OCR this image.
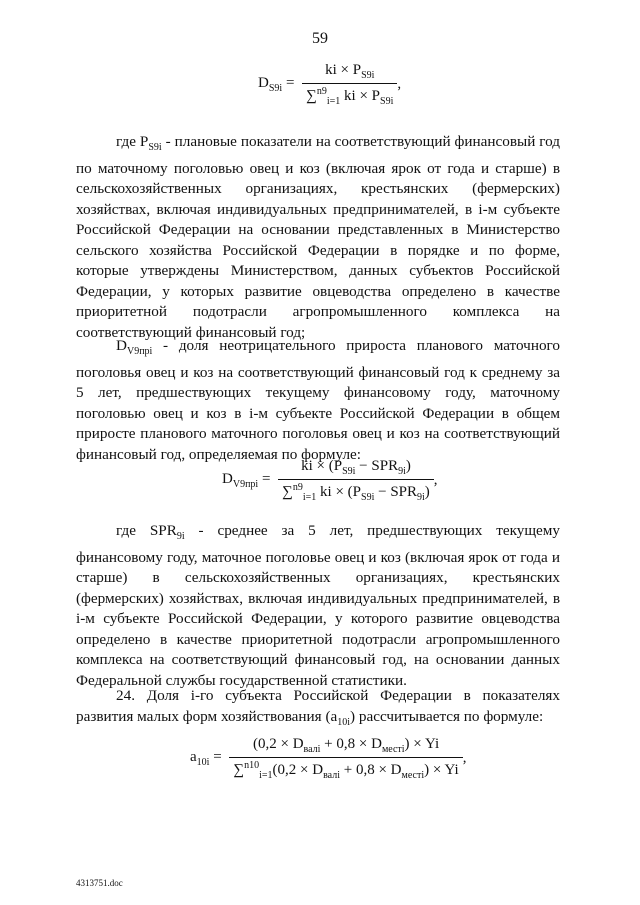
59
$D_{S9i} = \frac{ki \times P_{S9i}}{\sum^{n9}_{i=1} ki \times P_{S9i}}$ ,

где $P_{S9i}$ - плановые показатели на соответствующий финансовый год по маточному поголовью овец и коз (включая ярок от года и старше) в сельскохозяйственных организациях, крестьянских (фермерских) хозяйствах, включая индивидуальных предпринимателей, в i-м субъекте Российской Федерации на основании представленных в Министерство сельского хозяйства Российской Федерации в порядке и по форме, которые утверждены Министерством, данных субъектов Российской Федерации, у которых развитие овцеводства определено в качестве приоритетной подотрасли агропромышленного комплекса на соответствующий финансовый год;

$D_{V9прi}$ - доля неотрицательного прироста планового маточного поголовья овец и коз на соответствующий финансовый год к среднему за 5 лет, предшествующих текущему финансовому году, маточному поголовью овец и коз в i-м субъекте Российской Федерации в общем приросте планового маточного поголовья овец и коз на соответствующий финансовый год, определяемая по формуле:

$D_{V9прi} = \frac{ki \times (P_{S9i} - SPR_{9i})}{\sum^{n9}_{i=1} ki \times (P_{S9i} - SPR_{9i})}$ ,

где $SPR_{9i}$ - среднее за 5 лет, предшествующих текущему финансовому году, маточное поголовье овец и коз (включая ярок от года и старше) в сельскохозяйственных организациях, крестьянских (фермерских) хозяйствах, включая индивидуальных предпринимателей, в i-м субъекте Российской Федерации, у которого развитие овцеводства определено в качестве приоритетной подотрасли агропромышленного комплекса на соответствующий финансовый год, на основании данных Федеральной службы государственной статистики.

24. Доля i-го субъекта Российской Федерации в показателях развития малых форм хозяйствования $(a_{10i})$ рассчитывается по формуле:

$a_{10i} = \frac{(0,2 \times D_{валi} + 0,8 \times D_{местi}) \times Yi}{\sum^{n10}_{i=1}(0,2 \times D_{валi} + 0,8 \times D_{местi}) \times Yi}$ ,
4313751.doc
